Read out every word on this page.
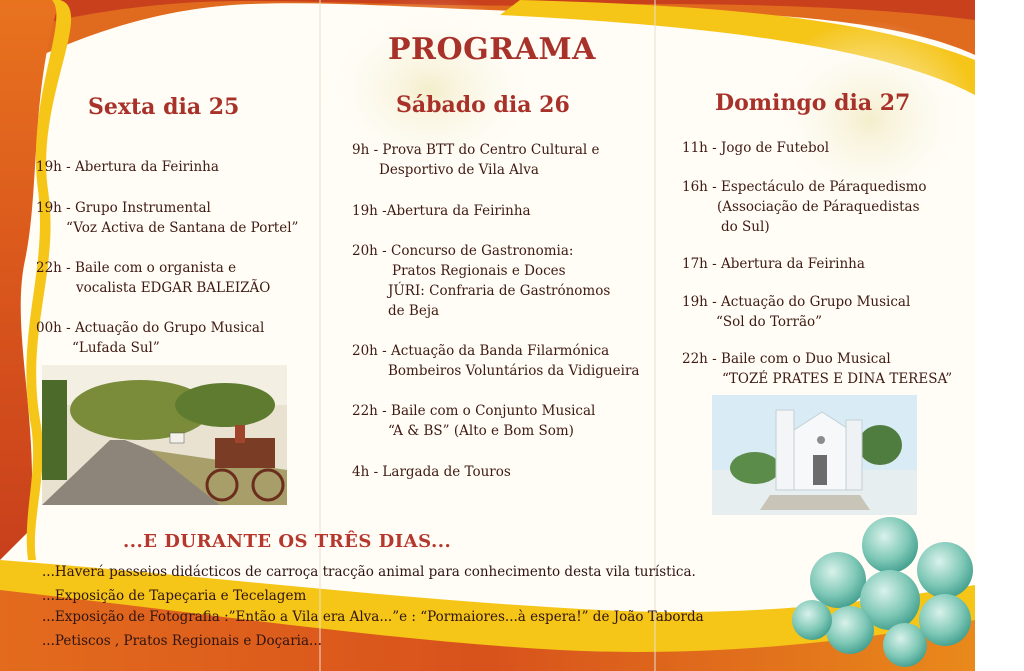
PROGRAMA
Sexta dia 25
19h - Abertura da Feirinha
19h - Grupo Instrumental
“Voz Activa de Santana de Portel”
22h - Baile com o organista e
vocalista EDGAR BALEIZÃO
00h - Actuação do Grupo Musical
“Lufada Sul”
Sábado dia 26
9h - Prova BTT do Centro Cultural e
Desportivo de Vila Alva
19h -Abertura da Feirinha
20h - Concurso de Gastronomia:
Pratos Regionais e Doces
JÚRI: Confraria de Gastrónomos
de Beja
20h - Actuação da Banda Filarmónica
Bombeiros Voluntários da Vidigueira
22h - Baile com o Conjunto Musical
“A & BS” (Alto e Bom Som)
4h - Largada de Touros
Domingo dia 27
11h - Jogo de Futebol
16h - Espectáculo de Páraquedismo
(Associação de Páraquedistas
do Sul)
17h - Abertura da Feirinha
19h - Actuação do Grupo Musical
“Sol do Torrão”
22h - Baile com o Duo Musical
“TOZÉ PRATES E DINA TERESA”
...E DURANTE OS TRÊS DIAS...
...Haverá passeios didácticos de carroça tracção animal para conhecimento desta vila turística.
...Exposição de Tapeçaria e Tecelagem
...Exposição de Fotografia :”Então a Vila era Alva...”e : “Pormaiores...à espera!” de João Taborda
...Petiscos , Pratos Regionais e Doçaria...
